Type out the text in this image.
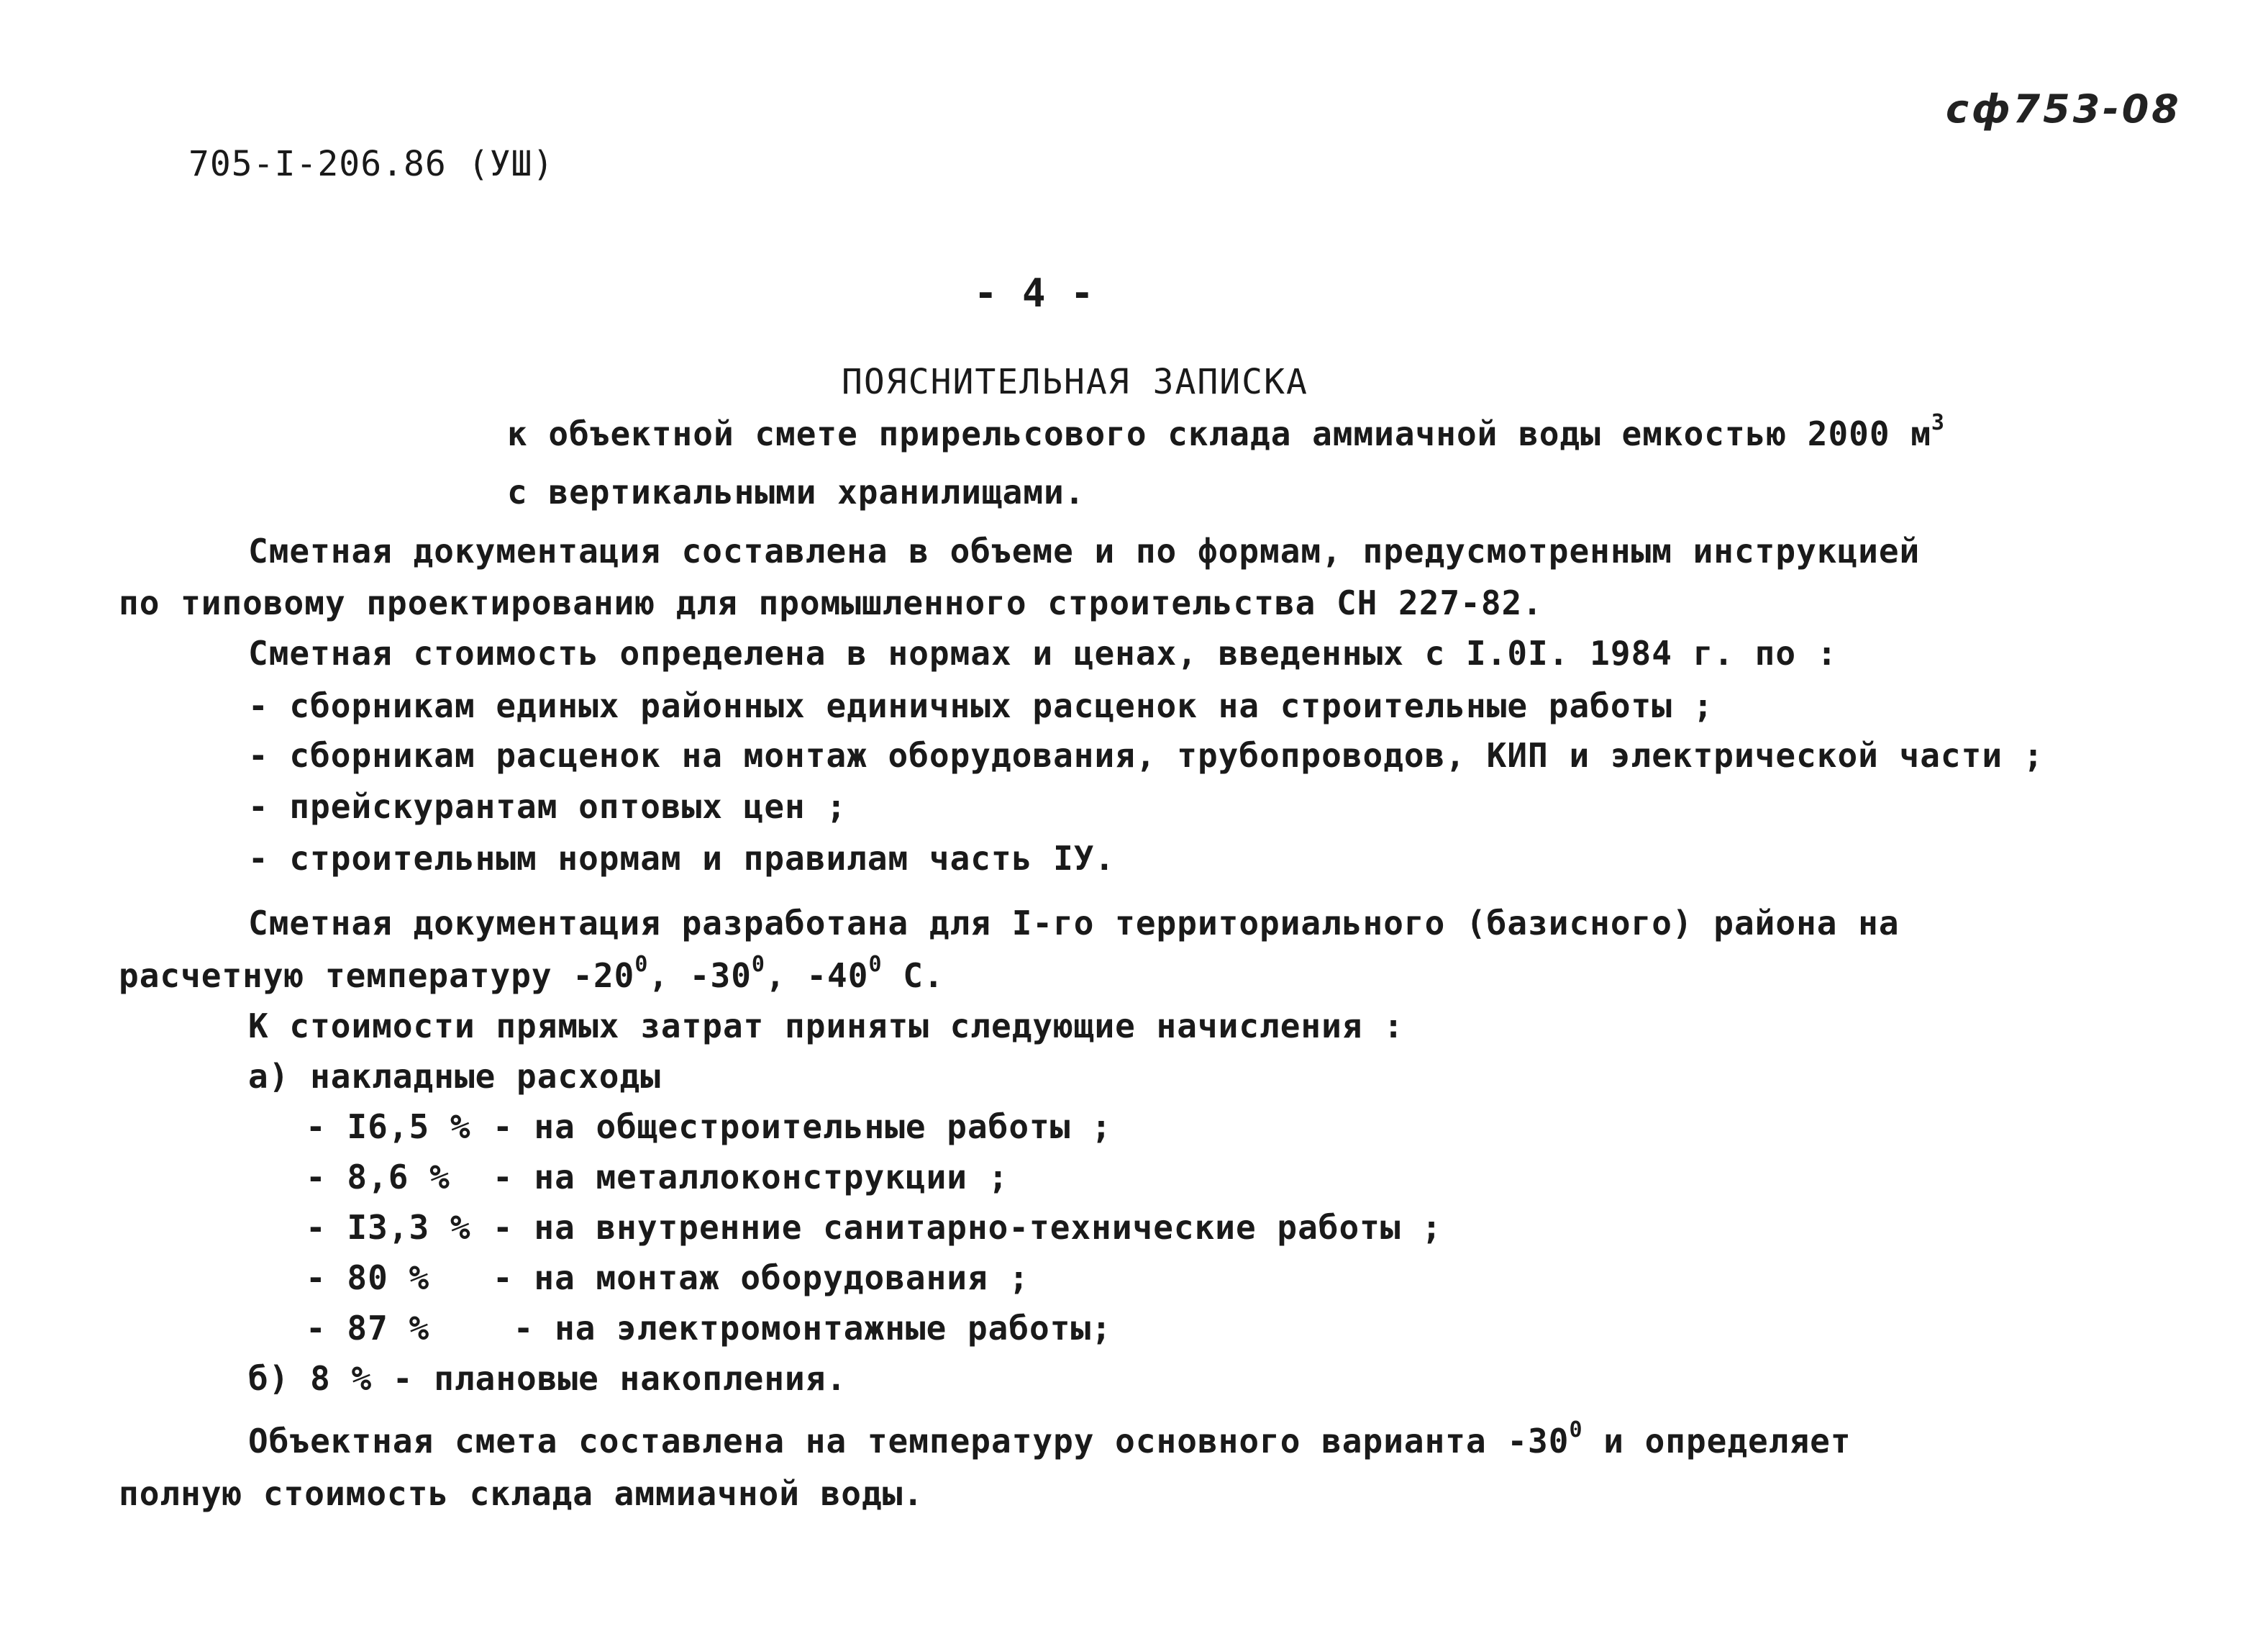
сф753-08
705-I-206.86 (УШ)
- 4 -
ПОЯСНИТЕЛЬНАЯ ЗАПИСКА
к объектной смете прирельсового склада аммиачной воды емкостью 2000 $м^3$
с вертикальными хранилищами.
Сметная документация составлена в объеме и по формам, предусмотренным инструкцией
по типовому проектированию для промышленного строительства СН 227-82.
Сметная стоимость определена в нормах и ценах, введенных с I.0I. 1984 г. по :
- сборникам единых районных единичных расценок на строительные работы ;
- сборникам расценок на монтаж оборудования, трубопроводов, КИП и электрической части ;
- прейскурантам оптовых цен ;
- строительным нормам и правилам часть IУ.
Сметная документация разработана для I-го территориального (базисного) района на
расчетную температуру $-20^0$, $-30^0$, $-40^0$ С.
К стоимости прямых затрат приняты следующие начисления :
а) накладные расходы
- I6,5 % - на общестроительные работы ;
- 8,6 % - на металлоконструкции ;
- I3,3 % - на внутренние санитарно-технические работы ;
- 80 % - на монтаж оборудования ;
- 87 % - на электромонтажные работы;
б) 8 % - плановые накопления.
Объектная смета составлена на температуру основного варианта $-30^0$ и определяет
полную стоимость склада аммиачной воды.
